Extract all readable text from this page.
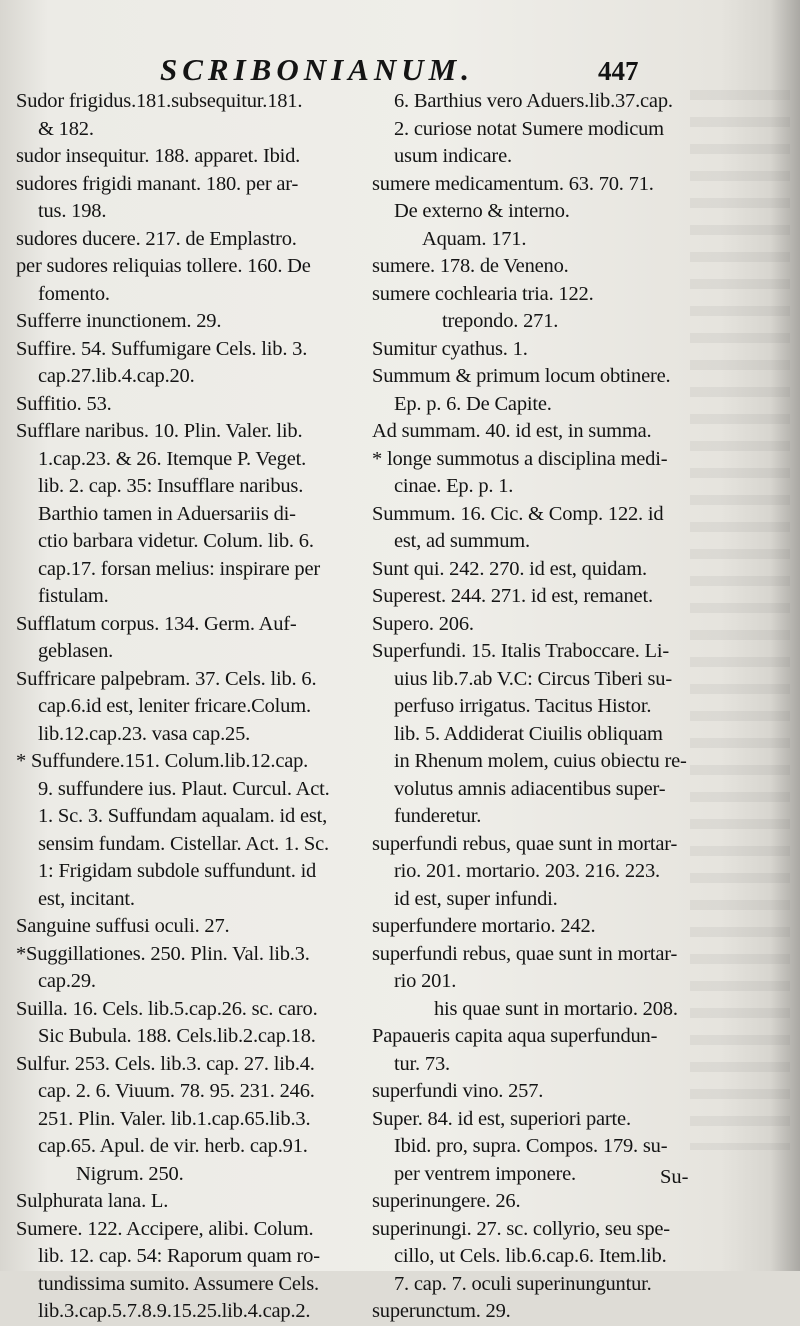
SCRIBONIANUM.	447
Sudor frigidus.181.subsequitur.181.
& 182.
sudor insequitur. 188. apparet. Ibid.
sudores frigidi manant. 180. per ar-
tus. 198.
sudores ducere. 217. de Emplastro.
per sudores reliquias tollere. 160. De
fomento.
Sufferre inunctionem. 29.
Suffire. 54. Suffumigare Cels. lib. 3.
cap.27.lib.4.cap.20.
Suffitio. 53.
Sufflare naribus. 10. Plin. Valer. lib.
1.cap.23. & 26. Itemque P. Veget.
lib. 2. cap. 35: Insufflare naribus.
Barthio tamen in Aduersariis di-
ctio barbara videtur. Colum. lib. 6.
cap.17. forsan melius: inspirare per
fistulam.
Sufflatum corpus. 134. Germ. Auf-
geblasen.
Suffricare palpebram. 37. Cels. lib. 6.
cap.6.id est, leniter fricare.Colum.
lib.12.cap.23. vasa cap.25.
* Suffundere.151. Colum.lib.12.cap.
9. suffundere ius. Plaut. Curcul. Act.
1. Sc. 3. Suffundam aqualam. id est,
sensim fundam. Cistellar. Act. 1. Sc.
1: Frigidam subdole suffundunt. id
est, incitant.
Sanguine suffusi oculi. 27.
*Suggillationes. 250. Plin. Val. lib.3.
cap.29.
Suilla. 16. Cels. lib.5.cap.26. sc. caro.
Sic Bubula. 188. Cels.lib.2.cap.18.
Sulfur. 253. Cels. lib.3. cap. 27. lib.4.
cap. 2. 6. Viuum. 78. 95. 231. 246.
251. Plin. Valer. lib.1.cap.65.lib.3.
cap.65. Apul. de vir. herb. cap.91.
Nigrum. 250.
Sulphurata lana. L.
Sumere. 122. Accipere, alibi. Colum.
lib. 12. cap. 54: Raporum quam ro-
tundissima sumito. Assumere Cels.
lib.3.cap.5.7.8.9.15.25.lib.4.cap.2.
6. Barthius vero Aduers.lib.37.cap.
2. curiose notat Sumere modicum
usum indicare.
sumere medicamentum. 63. 70. 71.
De externo & interno.
Aquam. 171.
sumere. 178. de Veneno.
sumere cochlearia tria. 122.
trepondo. 271.
Sumitur cyathus. 1.
Summum & primum locum obtinere.
Ep. p. 6. De Capite.
Ad summam. 40. id est, in summa.
* longe summotus a disciplina medi-
cinae. Ep. p. 1.
Summum. 16. Cic. & Comp. 122. id
est, ad summum.
Sunt qui. 242. 270. id est, quidam.
Superest. 244. 271. id est, remanet.
Supero. 206.
Superfundi. 15. Italis Traboccare. Li-
uius lib.7.ab V.C: Circus Tiberi su-
perfuso irrigatus. Tacitus Histor.
lib. 5. Addiderat Ciuilis obliquam
in Rhenum molem, cuius obiectu re-
volutus amnis adiacentibus super-
funderetur.
superfundi rebus, quae sunt in mortar-
rio. 201. mortario. 203. 216. 223.
id est, super infundi.
superfundere mortario. 242.
superfundi rebus, quae sunt in mortar-
rio 201.
his quae sunt in mortario. 208.
Papaueris capita aqua superfundun-
tur. 73.
superfundi vino. 257.
Super. 84. id est, superiori parte.
Ibid. pro, supra. Compos. 179. su-
per ventrem imponere.
superinungere. 26.
superinungi. 27. sc. collyrio, seu spe-
cillo, ut Cels. lib.6.cap.6. Item.lib.
7. cap. 7. oculi superinunguntur.
superunctum. 29.
Su-
